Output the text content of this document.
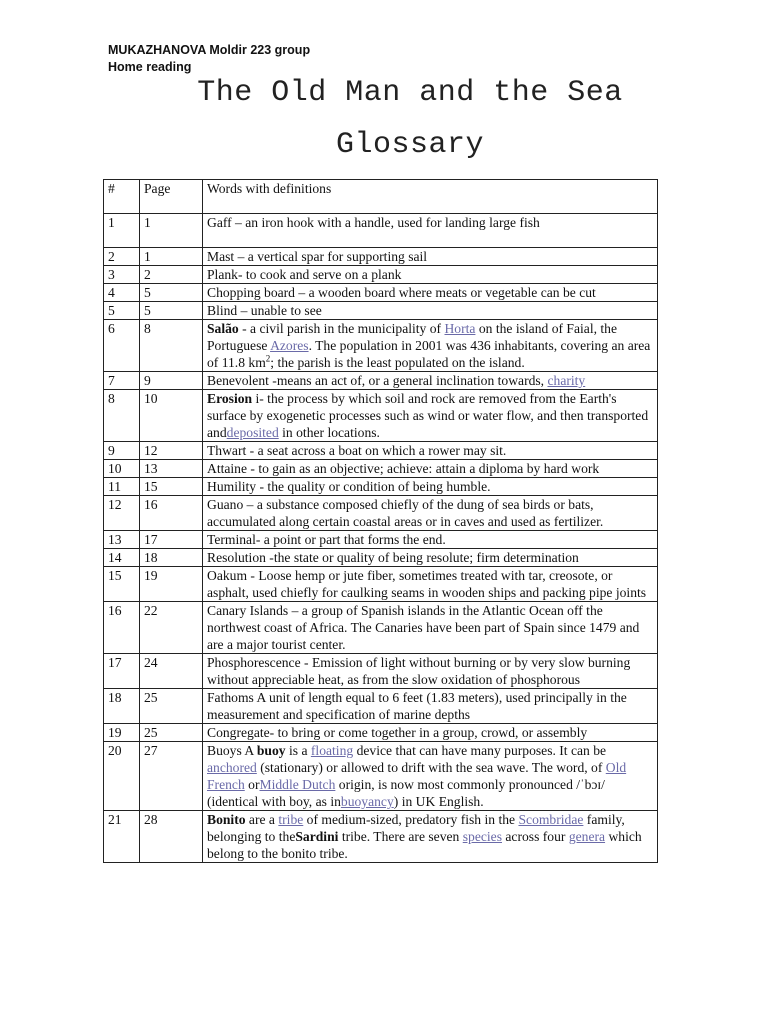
MUKAZHANOVA Moldir 223 group
Home reading
The Old Man and the Sea
Glossary
#	Page	Words with definitions
1	1	Gaff – an iron hook with a handle, used for landing large fish
2	1	Mast – a vertical spar for supporting sail
3	2	Plank- to cook and serve on a plank
4	5	Chopping board – a wooden board where meats or vegetable can be cut
5	5	Blind – unable to see
6	8	Salão - a civil parish in the municipality of Horta on the island of Faial, the Portuguese Azores. The population in 2001 was 436 inhabitants, covering an area of 11.8 $km^2$; the parish is the least populated on the island.
7	9	Benevolent -means an act of, or a general inclination towards, charity
8	10	Erosion i- the process by which soil and rock are removed from the Earth's surface by exogenetic processes such as wind or water flow, and then transported anddeposited in other locations.
9	12	Thwart - a seat across a boat on which a rower may sit.
10	13	Attaine - to gain as an objective; achieve: attain a diploma by hard work
11	15	Humility - the quality or condition of being humble.
12	16	Guano – a substance composed chiefly of the dung of sea birds or bats, accumulated along certain coastal areas or in caves and used as fertilizer.
13	17	Terminal- a point or part that forms the end.
14	18	Resolution -the state or quality of being resolute; firm determination
15	19	Oakum - Loose hemp or jute fiber, sometimes treated with tar, creosote, or asphalt, used chiefly for caulking seams in wooden ships and packing pipe joints
16	22	Canary Islands – a group of Spanish islands in the Atlantic Ocean off the northwest coast of Africa. The Canaries have been part of Spain since 1479 and are a major tourist center.
17	24	Phosphorescence - Emission of light without burning or by very slow burning without appreciable heat, as from the slow oxidation of phosphorous
18	25	Fathoms A unit of length equal to 6 feet (1.83 meters), used principally in the measurement and specification of marine depths
19	25	Congregate- to bring or come together in a group, crowd, or assembly
20	27	Buoys A buoy is a floating device that can have many purposes. It can be anchored (stationary) or allowed to drift with the sea wave. The word, of Old French orMiddle Dutch origin, is now most commonly pronounced /ˈbɔɪ/ (identical with boy, as inbuoyancy) in UK English.
21	28	Bonito are a tribe of medium-sized, predatory fish in the Scombridae family, belonging to theSardini tribe. There are seven species across four genera which belong to the bonito tribe.
